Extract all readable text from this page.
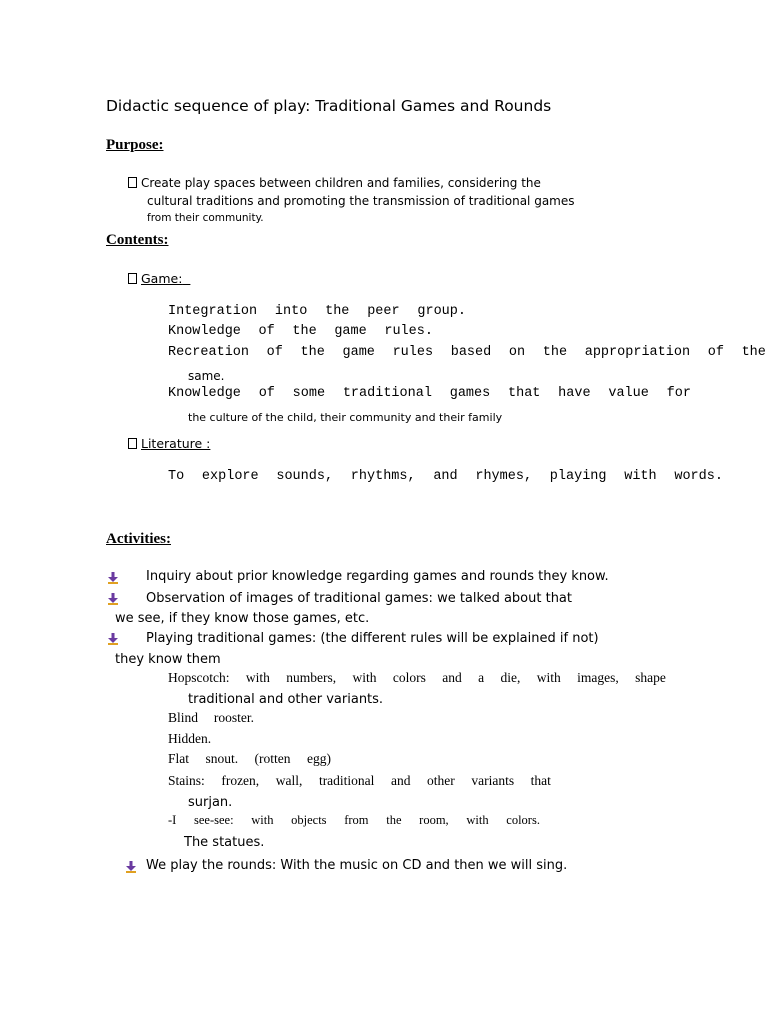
Didactic sequence of play: Traditional Games and Rounds
Purpose:
Create play spaces between children and families, considering the
cultural traditions and promoting the transmission of traditional games
from their community.
Contents:
Game:
Integration into the peer group.
Knowledge of the game rules.
Recreation of the game rules based on the appropriation of the
same.
Knowledge of some traditional games that have value for
the culture of the child, their community and their family
Literature :
To explore sounds, rhythms, and rhymes, playing with words.
Activities:
Inquiry about prior knowledge regarding games and rounds they know.
Observation of images of traditional games: we talked about that
we see, if they know those games, etc.
Playing traditional games: (the different rules will be explained if not)
they know them
Hopscotch: with numbers, with colors and a die, with images, shape
traditional and other variants.
Blind rooster.
Hidden.
Flat snout. (rotten egg)
Stains: frozen, wall, traditional and other variants that
surjan.
-I see-see: with objects from the room, with colors.
The statues.
We play the rounds: With the music on CD and then we will sing.
